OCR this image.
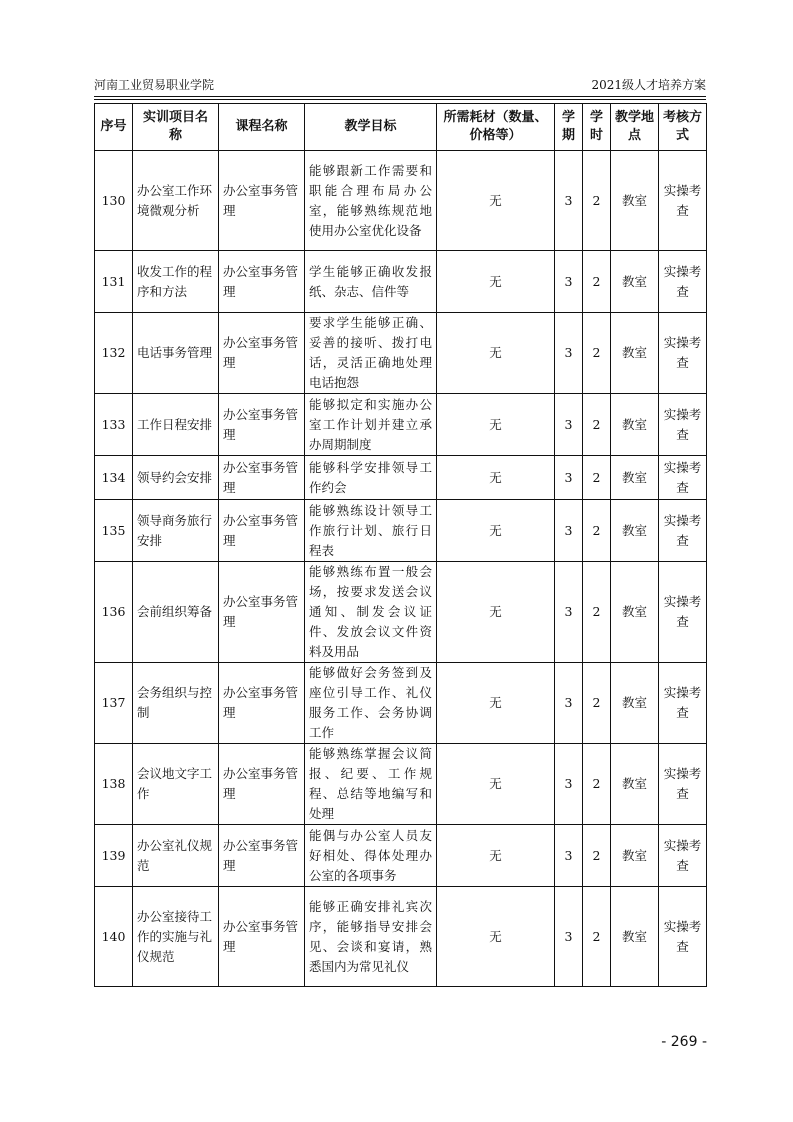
河南工业贸易职业学院	2021级人才培养方案
序号	实训项目名称	课程名称	教学目标	所需耗材（数量、价格等）	学期	学时	教学地点	考核方式
130	办公室工作环境微观分析	办公室事务管理	能够跟新工作需要和职能合理布局办公室，能够熟练规范地使用办公室优化设备	无	3	2	教室	实操考查
131	收发工作的程序和方法	办公室事务管理	学生能够正确收发报纸、杂志、信件等	无	3	2	教室	实操考查
132	电话事务管理	办公室事务管理	要求学生能够正确、妥善的接听、拨打电话，灵活正确地处理电话抱怨	无	3	2	教室	实操考查
133	工作日程安排	办公室事务管理	能够拟定和实施办公室工作计划并建立承办周期制度	无	3	2	教室	实操考查
134	领导约会安排	办公室事务管理	能够科学安排领导工作约会	无	3	2	教室	实操考查
135	领导商务旅行安排	办公室事务管理	能够熟练设计领导工作旅行计划、旅行日程表	无	3	2	教室	实操考查
136	会前组织筹备	办公室事务管理	能够熟练布置一般会场，按要求发送会议通知、制发会议证件、发放会议文件资料及用品	无	3	2	教室	实操考查
137	会务组织与控制	办公室事务管理	能够做好会务签到及座位引导工作、礼仪服务工作、会务协调工作	无	3	2	教室	实操考查
138	会议地文字工作	办公室事务管理	能够熟练掌握会议简报、纪要、工作规程、总结等地编写和处理	无	3	2	教室	实操考查
139	办公室礼仪规范	办公室事务管理	能偶与办公室人员友好相处、得体处理办公室的各项事务	无	3	2	教室	实操考查
140	办公室接待工作的实施与礼仪规范	办公室事务管理	能够正确安排礼宾次序，能够指导安排会见、会谈和宴请，熟悉国内为常见礼仪	无	3	2	教室	实操考查
- 269 -
